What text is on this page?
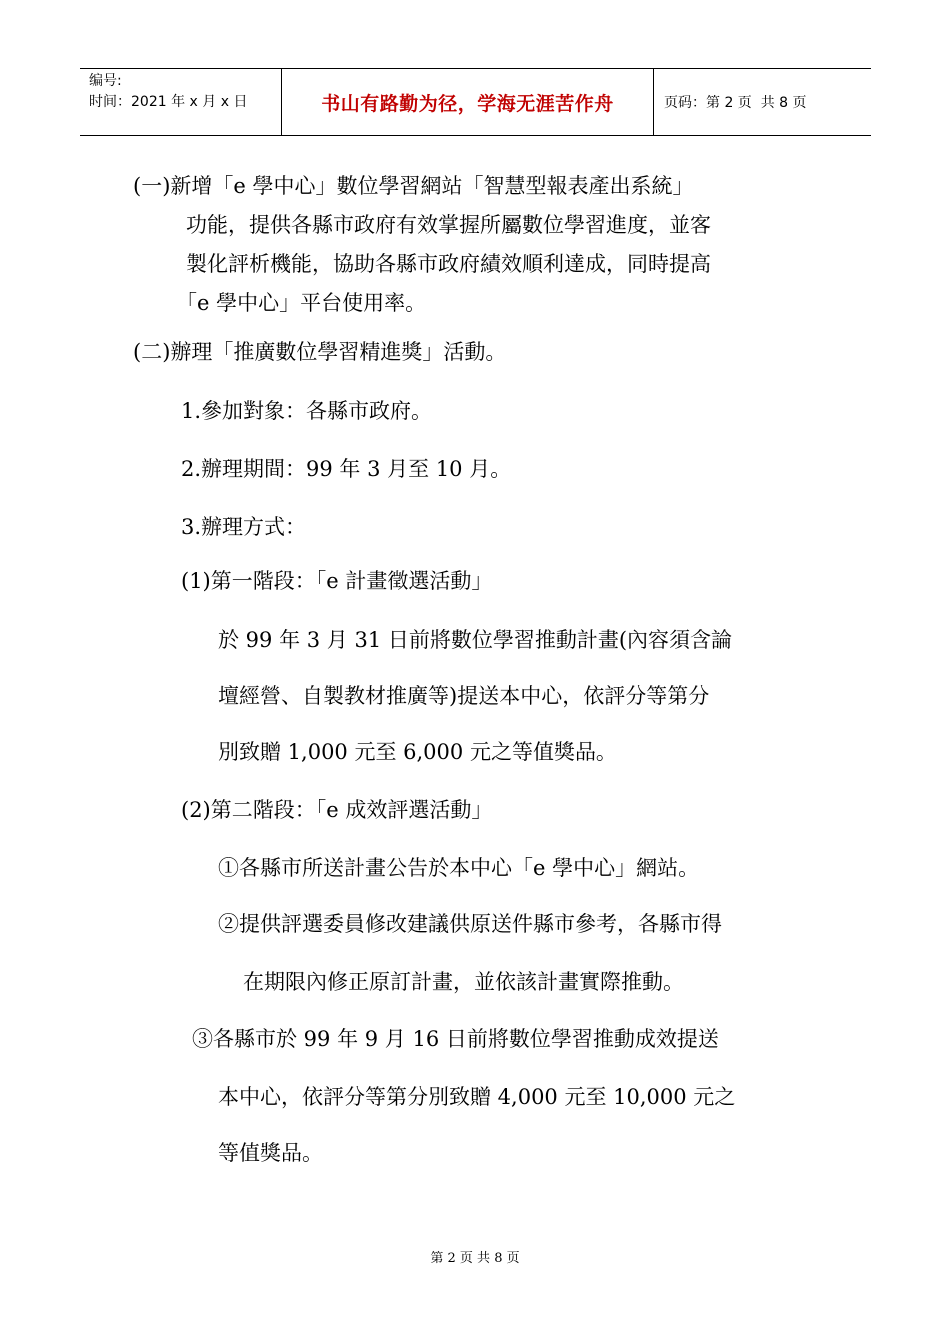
编号:
时间：2021 年 x 月 x 日	书山有路勤为径，学海无涯苦作舟	页码：第 2 页  共 8 页
(一)新增「e 學中心」數位學習網站「智慧型報表產出系統」
功能，提供各縣市政府有效掌握所屬數位學習進度，並客
製化評析機能，協助各縣市政府績效順利達成，同時提高
「e 學中心」平台使用率。
(二)辦理「推廣數位學習精進獎」活動。
1.參加對象：各縣市政府。
2.辦理期間：99 年 3 月至 10 月。
3.辦理方式：
(1)第一階段：「e 計畫徵選活動」
於 99 年 3 月 31 日前將數位學習推動計畫(內容須含論
壇經營、自製教材推廣等)提送本中心，依評分等第分
別致贈 1,000 元至 6,000 元之等值獎品。
(2)第二階段：「e 成效評選活動」
①各縣市所送計畫公告於本中心「e 學中心」網站。
②提供評選委員修改建議供原送件縣市參考，各縣市得
在期限內修正原訂計畫，並依該計畫實際推動。
③各縣市於 99 年 9 月 16 日前將數位學習推動成效提送
本中心，依評分等第分別致贈 4,000 元至 10,000 元之
等值獎品。
第 2 页 共 8 页
